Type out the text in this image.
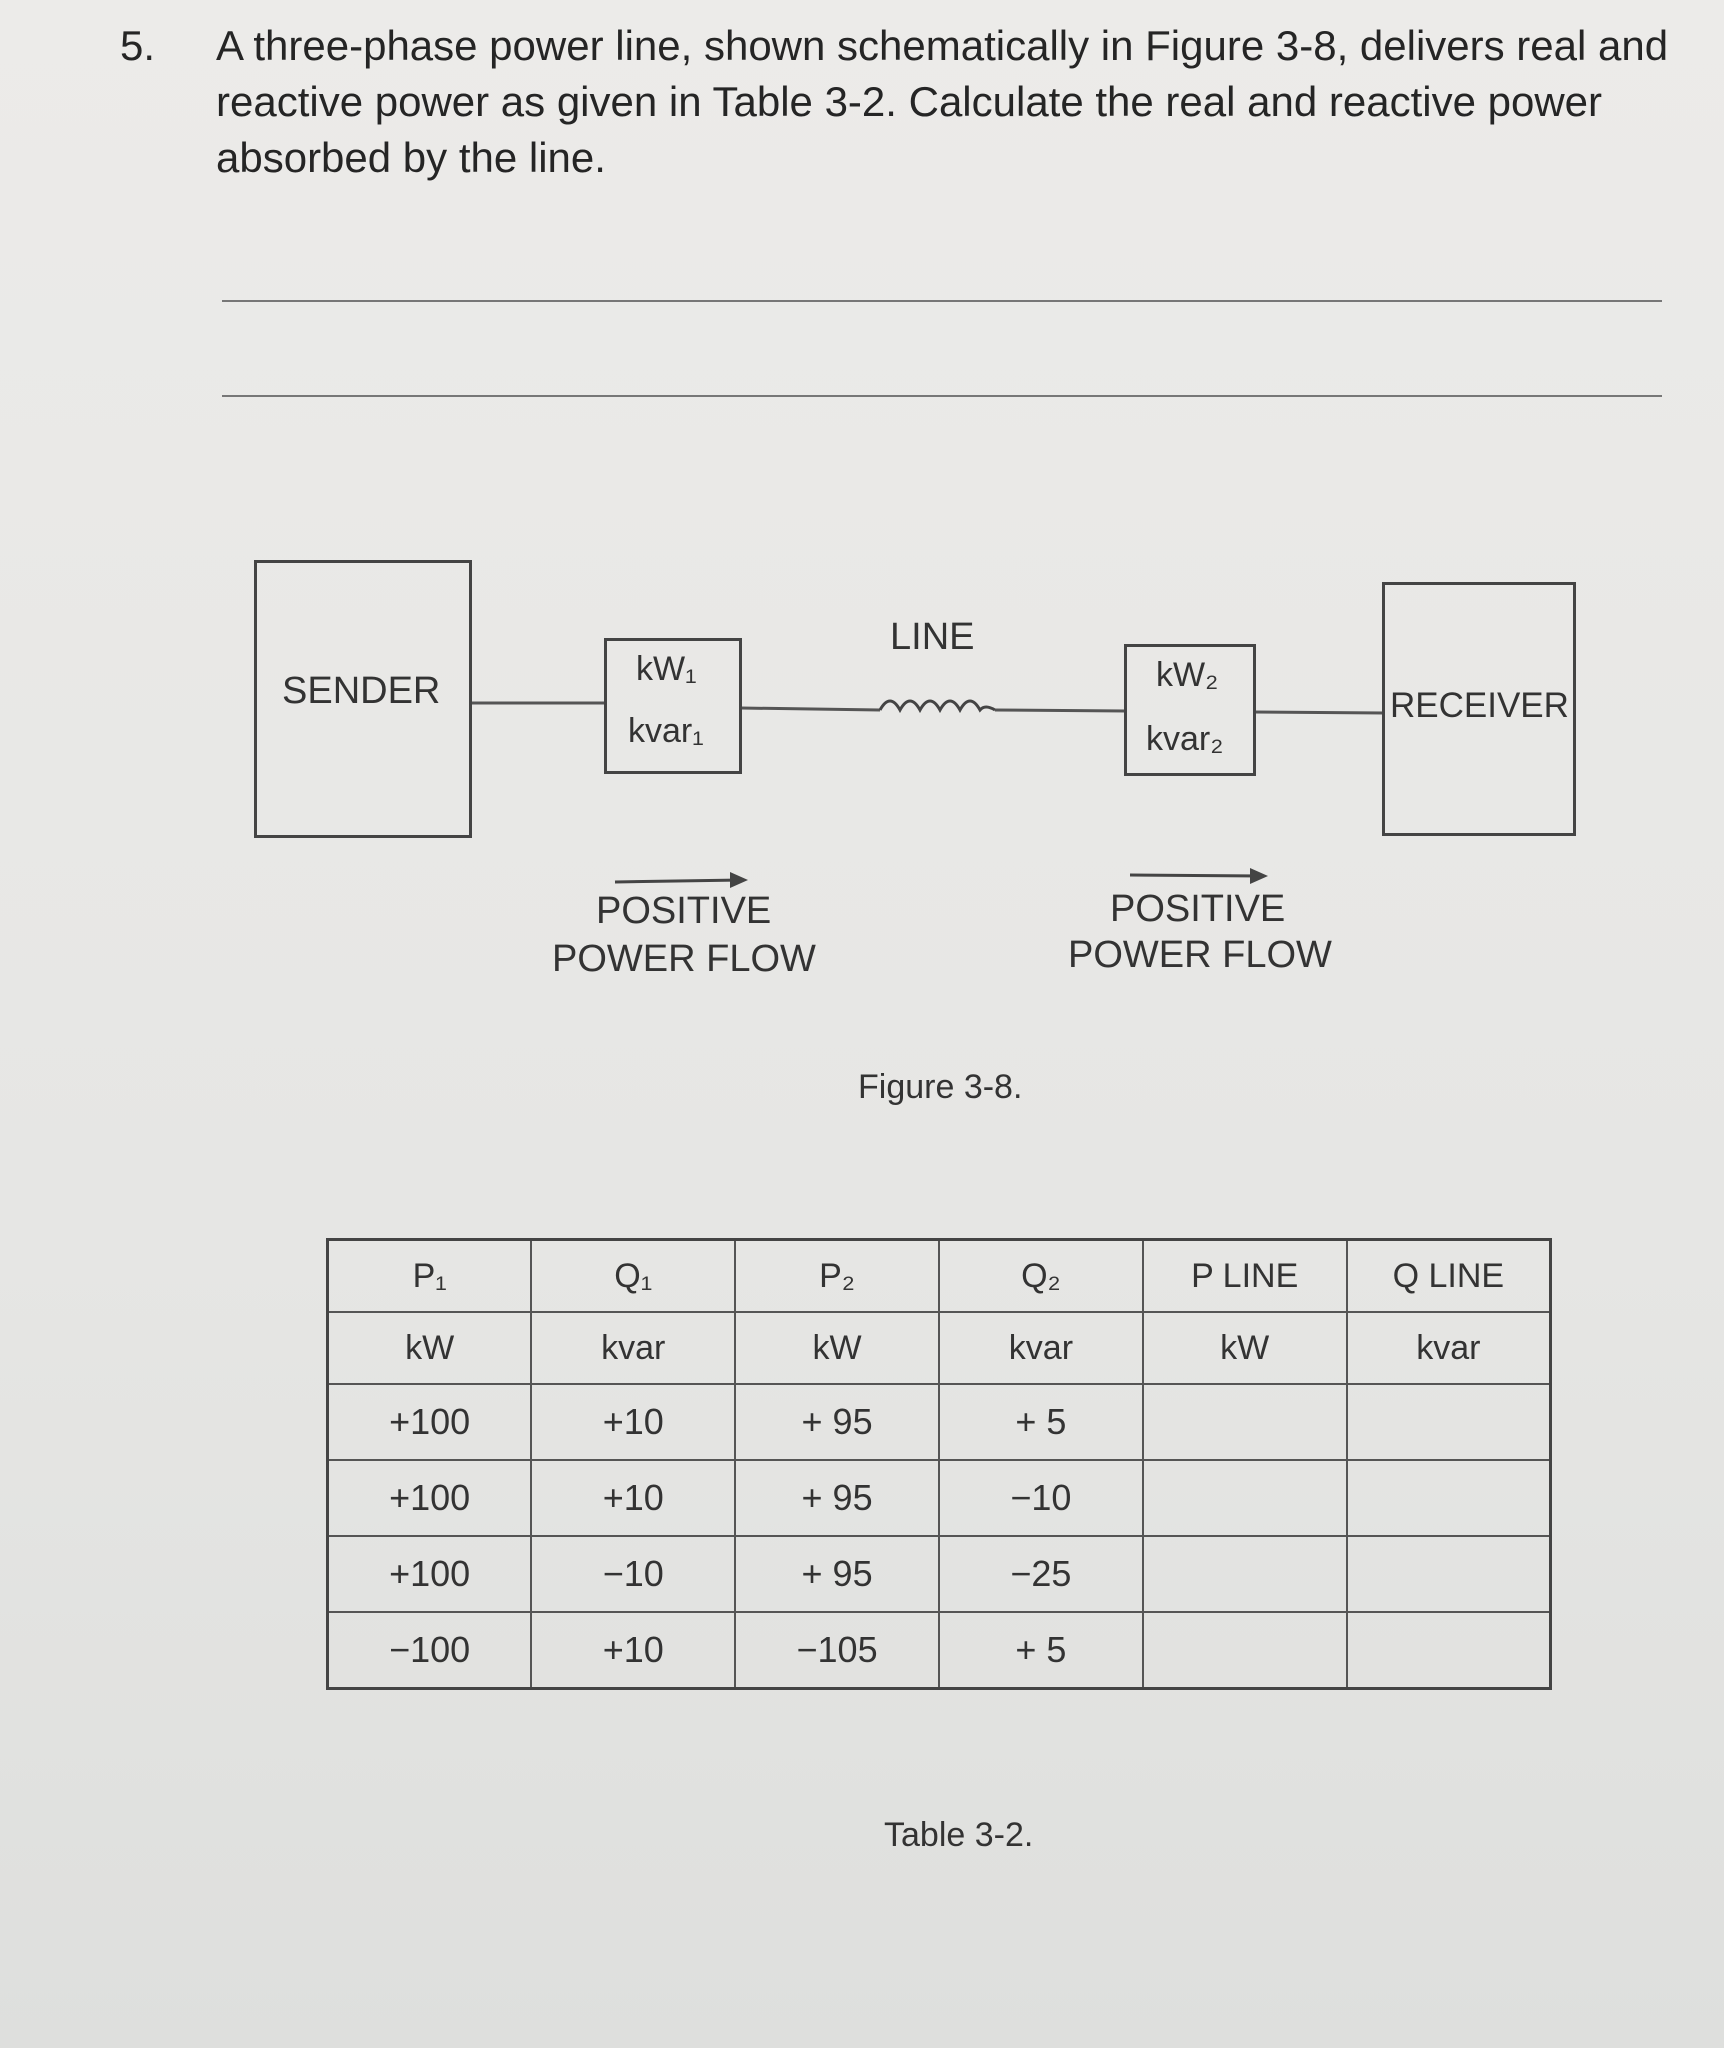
5. A three-phase power line, shown schematically in Figure 3-8, delivers real and reactive power as given in Table 3-2. Calculate the real and reactive power absorbed by the line.
SENDER
kW₁
kvar₁
LINE
kW₂
kvar₂
RECEIVER
POSITIVE
POWER FLOW
POSITIVE
POWER FLOW
Figure 3-8.
P₁	Q₁	P₂	Q₂	P LINE	Q LINE
kW	kvar	kW	kvar	kW	kvar
+100	+10	+ 95	+ 5		
+100	+10	+ 95	−10		
+100	−10	+ 95	−25		
−100	+10	−105	+ 5		
Table 3-2.
